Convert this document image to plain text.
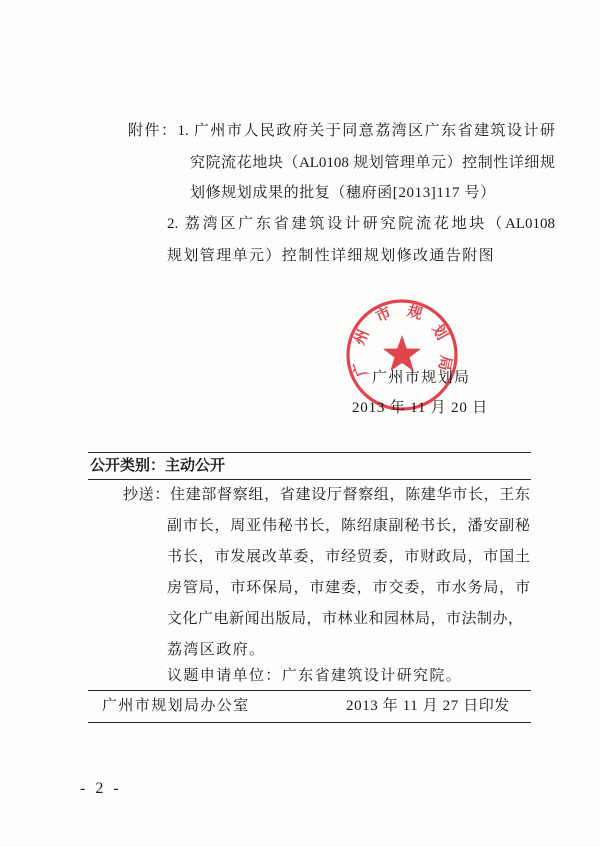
附件：1. 广州市人民政府关于同意荔湾区广东省建筑设计研
究院流花地块（AL0108 规划管理单元）控制性详细规
划修规划成果的批复（穗府函[2013]117 号）
2. 荔湾区广东省建筑设计研究院流花地块（AL0108
规划管理单元）控制性详细规划修改通告附图
广州市规划局
2013 年 11 月 20 日
广州市规划局
公开类别：主动公开
抄送：住建部督察组，省建设厅督察组，陈建华市长，王东
副市长，周亚伟秘书长，陈绍康副秘书长，潘安副秘
书长，市发展改革委，市经贸委，市财政局，市国土
房管局，市环保局，市建委，市交委，市水务局，市
文化广电新闻出版局，市林业和园林局，市法制办，
荔湾区政府。
议题申请单位：广东省建筑设计研究院。
广州市规划局办公室	2013 年 11 月 27 日印发
- 2 -
